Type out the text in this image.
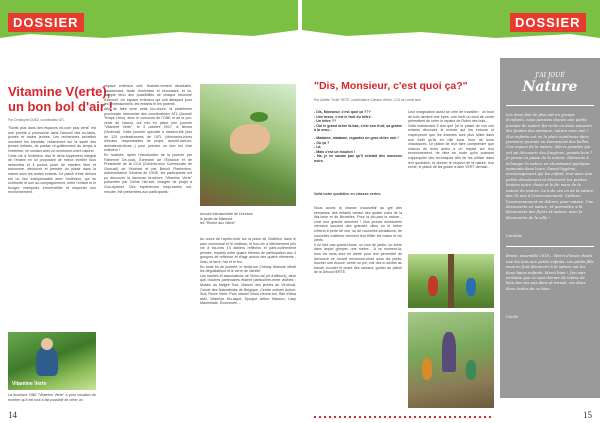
DOSSIER
Vitamine V(erte),
un bon bol d'air !
Par Christophe DUEZ, coordinateur ATL
"Sortis plus dans des espaces en-core plus verts" est une priorité à poursuivre dans l'accueil des en-fants, jeunes et moins jeunes. Les recherches actuelles montrent les bienfaits, notamment sur la santé des jeunes enfants, de passer ré-gulièrement du temps à l'extérieur, en contact avec un environne-ment naturel.
Cette vie à l'extérieur vise le déve-loppement intégral de l'enfant en lui proposant de mieux éveiller tous sensoriels et il pourra jouer de manière libre et autonome, découvrir et prendre du plaisir dans la nature avec les autres enfants. Ce plaisir d'être dehors est un lien indispensable avec l'extérieur, qui se confronte et son ac-compagnement, entre l'enfant et le bouger, manipuler, s'émerveiller et respecter son environnement.
Vitamine Verte
La brochure ONE "Vitamine Verte" a pour vocation de montrer qu'il est tout à fait possible de créer un
espace extérieur vert, financiè-rement abordable, passionnant, facile d'entretien et sécurisant, et ce, compte tenu des possibilités de chaque structure d'accueil. Un espace extérieur qui soit attrayant pour les professionnels, les enfants et les parents.
Afin de faire vivre cette bro-chure, la plateforme provinciale namuroise des coordinateurs ATL (Accueil Temps Libre), avec le concours de l'ONE et de la pro-vince de Namur, ont mis en place une journée "Vitamine Verte", le 3 octobre 2017, à Nimes (Viroinval). Cette journée spéciale a rassem-blé plus de 120 professionnels de l'ATL (directeurs-trices d'écoles, responsables de projet, accueil-lant-es, animateurs-trices...) pour prendre un bon bol d'air extérieur !
En matinée, après l'introduction de la journée par Fabienne De-cock, Échevine de l'Enfance et de Présidente de la CCA (Commis-sion Communale de l'Accueil) de Viroinval et par Benoît Flamentine, Administrateur Général de l'ONE, les participants ont pu découvrir la fameuse brochure "Vitamine Verte" présentée par Céline Her-bet, chargée de projet à Goo-dplanet. Des expériences inspi-rantes ont, ensuite, été présentées aux participants :
Accueil extrascolaire de Dourbes
le jardin de Malonne
les "Réciré aux l'aime"
Au cours de l'après-midi, sur la place de Châtillon, dans le parc communal et le château, le bou-cle a littéralement pris vie à tra-vers 14 ateliers réfléchis et parti-culièrement pensés, répartis entre quatre thèmes de participation aux 4 groupes de réflexion et d'agir autour des quatre éléments : l'eau, la terre, l'air et le feu.
En toute fin de journée, le fanfa-ron Chimay Wamole offrait les dégustations et le verre de l'amitié.
Les mairies et associations de Viroin-val (et d'ailleurs), ainsi que d'autres partenaires étaient particulière-ment visibles : Musée du Malgré Tout, Maison des jeunes de Viroinval, Cercle des Naturalistes de Belgique, Centre culturel Action-Sud, Reine Verte, Parc naturel Viroin-Herme-ton, Bim d'Aisa asbl, Vitamine Mu-sique, Epoque Arthur Masson, Lady Marmelade, Écomusée....
14
DOSSIER
"Dis, Monsieur, c'est quoi ça?"
Par Juliette "Soltz" RETE, coordinatrice Classes Vertes, CCA de Lorsel sule
- Dis, Monsieur, c'est quoi ça ???
- Une fosse, c'est le fruit du hêtre.
- Un hêtre ??
- Oui le grand arbre là-bas, c'est son fruit; sa graine à la veux...
- Madame, madame, regardez un gros chien noir !
- Où ça ?
- Là.
- Mais c'est un mouton !
- Ha, je ne savais pas qu'il existait des moutons noirs.
Voilà notre quotidien en classes vertes.
Nous avons la chance d'accueillir au gré des semaines, des enfants venant des quatre coins de la Wa-lonie et de Bruxelles. Pour la plu-part la nature... c'est une grande aventure ! Nos jeunes aventuriers viennent souvent des grandes villes où le béton s'étend à perte de vue, où de nouvelles sensations, de nouvelles matières viennent leur titiller les mains et les pieds.
Il ne faut pas grand-chose, un coin de jardin, un arbre dans lequel grimper, une rivière... À ce moment-là, tous les sens sont en alerte pour leur permettre de découvrir ce nouvel environne-ment sous les pieds, toucher une écorce, sentir un pin, voir des in-sectes au travail, écouter le chant des oiseaux, goûter au plaisir de la DécouVERTE.
Leur imagination aussi se crée de travailler : un bout de bois devient une épée, une forêt un bout de corde permettent de créer le repaire de Robin des bois...
Voilà maintenant 5 ans que j'ai le plaisir de voir ces enfants découvrir le monde qui les entoure et s'aperçevoir que les insectes sont plus utiles dans une forêt qu'ils en ville sous l'une de leurs chaussures. Le plaisir de leur faire comprendre que chacun de leurs actes a un impact sur leur environnement, de faire en sorte qu'ils puissent s'approprier des techniques afin de les utiliser dans leur quotidien, et donner le respect de la nature, leur envie, le plaisir de les guider à aller VERT demain...
J'AI JOUÉ
Nature
Les deux fois de plus ont un groupe d'enfants, nous pensons depuis une petite journée de nature fut riche en beau souvenir des fondes des animaux, nature avec moi ! Nos enfants ont vu la pluie nombreux dans première journée en évenement des belles. Une enjoue de la nature. Merci grandes qui ont pu découvrir des fougères, grands bois ? Je pense en passe de la nature. Moments à échanger la nature en choisissant quelques moments dans leurs. Sweet hygiène, encouragement qui les enfant, leur avec une petite dévotement et découvrir les petites bonnes autre chose et le fin mars de la nature du nature. Le 6 de ces en de la nature des 16 ans à l'environnement. Cultivez l'environnement en dehors, pour nature. Une découverte en nature, et permettre a la découverte des fleurs et nature, avec la découverte de la ville !
Caroline
Bravo, ensemble 2018... Merci d'avoir choisi une les bois aux petits enfants, ces petits fille vous en font découvrir à la nature sur les deux bains enfants. Merci bien ! J'en suis certaine que ce sont donner de même de bien bon les aux dans et travail, ces deux deux écoles de ce bien.
Cécile
15
